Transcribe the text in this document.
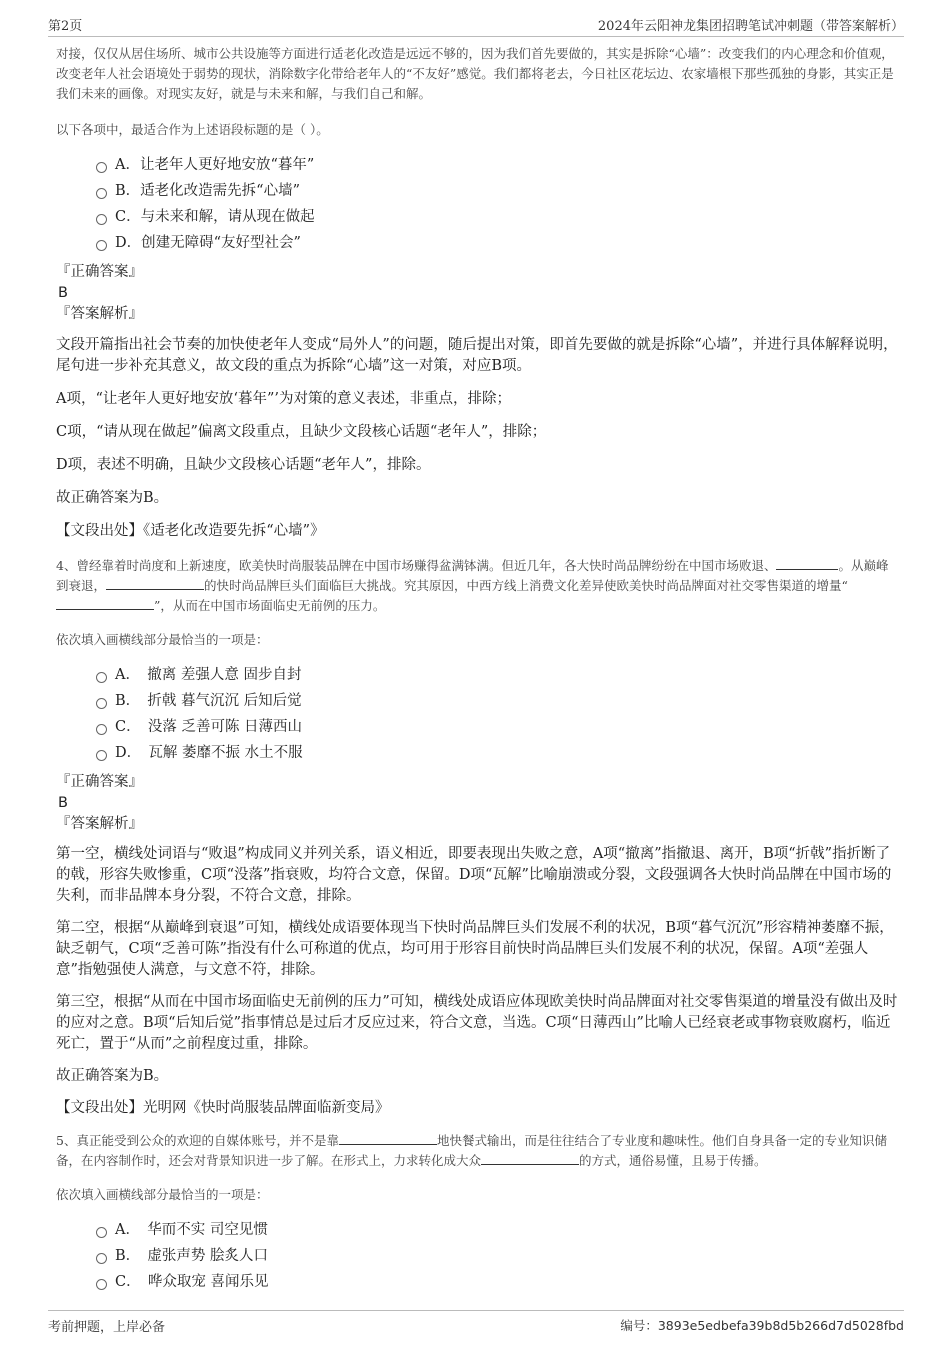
第2页	2024年云阳神龙集团招聘笔试冲刺题（带答案解析）

对接，仅仅从居住场所、城市公共设施等方面进行适老化改造是远远不够的，因为我们首先要做的，其实是拆除“心墙”：改变我们的内心理念和价值观，改变老年人社会语境处于弱势的现状，消除数字化带给老年人的“不友好”感觉。我们都将老去，今日社区花坛边、农家墙根下那些孤独的身影，其实正是我们未来的画像。对现实友好，就是与未来和解，与我们自己和解。

以下各项中，最适合作为上述语段标题的是（ ）。

A．让老年人更好地安放“暮年”
B．适老化改造需先拆“心墙”
C．与未来和解，请从现在做起
D．创建无障碍“友好型社会”

『正确答案』

B

『答案解析』

文段开篇指出社会节奏的加快使老年人变成“局外人”的问题，随后提出对策，即首先要做的就是拆除“心墙”，并进行具体解释说明，尾句进一步补充其意义，故文段的重点为拆除“心墙”这一对策，对应B项。

A项，“让老年人更好地安放‘暮年”’为对策的意义表述，非重点，排除；

C项，“请从现在做起”偏离文段重点，且缺少文段核心话题“老年人”，排除；

D项，表述不明确，且缺少文段核心话题“老年人”，排除。

故正确答案为B。

【文段出处】《适老化改造要先拆“心墙”》

4、曾经靠着时尚度和上新速度，欧美快时尚服装品牌在中国市场赚得盆满钵满。但近几年，各大快时尚品牌纷纷在中国市场败退、	。从巅峰到衰退，	的快时尚品牌巨头们面临巨大挑战。究其原因，中西方线上消费文化差异使欧美快时尚品牌面对社交零售渠道的增量“”，从而在中国市场面临史无前例的压力。

依次填入画横线部分最恰当的一项是：

A．　撤离 差强人意 固步自封
B．　折戟 暮气沉沉 后知后觉
C．　没落 乏善可陈 日薄西山
D．　瓦解 萎靡不振 水土不服

『正确答案』

B

『答案解析』

第一空，横线处词语与“败退”构成同义并列关系，语义相近，即要表现出失败之意，A项“撤离”指撤退、离开，B项“折戟”指折断了的戟，形容失败惨重，C项“没落”指衰败，均符合文意，保留。D项“瓦解”比喻崩溃或分裂，文段强调各大快时尚品牌在中国市场的失利，而非品牌本身分裂，不符合文意，排除。

第二空，根据“从巅峰到衰退”可知，横线处成语要体现当下快时尚品牌巨头们发展不利的状况，B项“暮气沉沉”形容精神萎靡不振，缺乏朝气，C项“乏善可陈”指没有什么可称道的优点，均可用于形容目前快时尚品牌巨头们发展不利的状况，保留。A项“差强人意”指勉强使人满意，与文意不符，排除。

第三空，根据“从而在中国市场面临史无前例的压力”可知，横线处成语应体现欧美快时尚品牌面对社交零售渠道的增量没有做出及时的应对之意。B项“后知后觉”指事情总是过后才反应过来，符合文意，当选。C项“日薄西山”比喻人已经衰老或事物衰败腐朽，临近死亡，置于“从而”之前程度过重，排除。

故正确答案为B。

【文段出处】光明网《快时尚服装品牌面临新变局》

5、真正能受到公众的欢迎的自媒体账号，并不是靠	地快餐式输出，而是往往结合了专业度和趣味性。他们自身具备一定的专业知识储备，在内容制作时，还会对背景知识进一步了解。在形式上，力求转化成大众	的方式，通俗易懂，且易于传播。

依次填入画横线部分最恰当的一项是：

A．　华而不实 司空见惯
B．　虚张声势 脍炙人口
C．　哗众取宠 喜闻乐见
考前押题，上岸必备	编号：3893e5edbefa39b8d5b266d7d5028fbd
